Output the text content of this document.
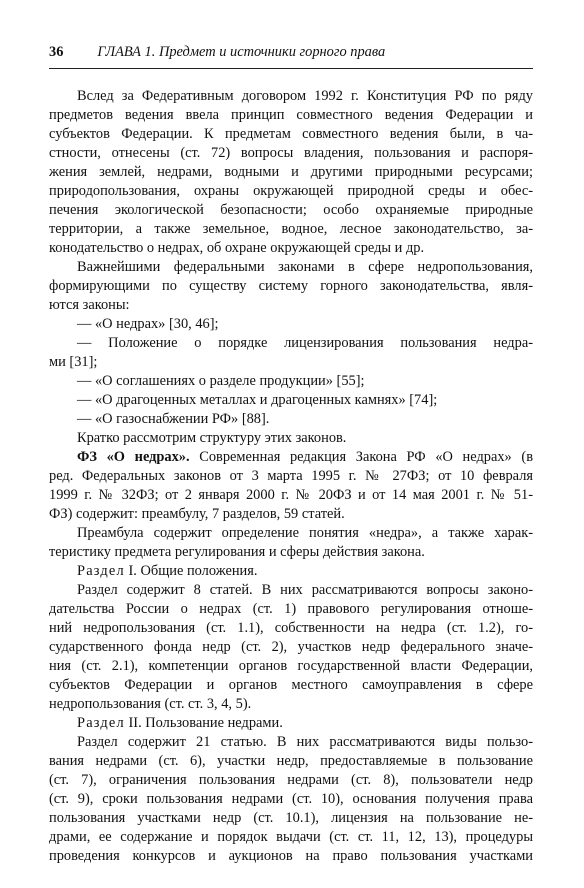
36 ГЛАВА 1. Предмет и источники горного права

Вслед за Федеративным договором 1992 г. Конституция РФ по ряду
предметов ведения ввела принцип совместного ведения Федерации и
субъектов Федерации. К предметам совместного ведения были, в ча-
стности, отнесены (ст. 72) вопросы владения, пользования и распоря-
жения землей, недрами, водными и другими природными ресурсами;
природопользования, охраны окружающей природной среды и обес-
печения экологической безопасности; особо охраняемые природные
территории, а также земельное, водное, лесное законодательство, за-
конодательство о недрах, об охране окружающей среды и др.

Важнейшими федеральными законами в сфере недропользования,
формирующими по существу систему горного законодательства, явля-
ются законы:

— «О недрах» [30, 46];

— Положение о порядке лицензирования пользования недра-
ми [31];

— «О соглашениях о разделе продукции» [55];

— «О драгоценных металлах и драгоценных камнях» [74];

— «О газоснабжении РФ» [88].

Кратко рассмотрим структуру этих законов.

ФЗ «О недрах». Современная редакция Закона РФ «О недрах» (в
ред. Федеральных законов от 3 марта 1995 г. № 27ФЗ; от 10 февраля
1999 г. № 32ФЗ; от 2 января 2000 г. № 20ФЗ и от 14 мая 2001 г. № 51-
ФЗ) содержит: преамбулу, 7 разделов, 59 статей.

Преамбула содержит определение понятия «недра», а также харак-
теристику предмета регулирования и сферы действия закона.

Раздел I. Общие положения.

Раздел содержит 8 статей. В них рассматриваются вопросы законо-
дательства России о недрах (ст. 1) правового регулирования отноше-
ний недропользования (ст. 1.1), собственности на недра (ст. 1.2), го-
сударственного фонда недр (ст. 2), участков недр федерального значе-
ния (ст. 2.1), компетенции органов государственной власти Федерации,
субъектов Федерации и органов местного самоуправления в сфере
недропользования (ст. ст. 3, 4, 5).

Раздел II. Пользование недрами.

Раздел содержит 21 статью. В них рассматриваются виды пользо-
вания недрами (ст. 6), участки недр, предоставляемые в пользование
(ст. 7), ограничения пользования недрами (ст. 8), пользователи недр
(ст. 9), сроки пользования недрами (ст. 10), основания получения права
пользования участками недр (ст. 10.1), лицензия на пользование не-
драми, ее содержание и порядок выдачи (ст. ст. 11, 12, 13), процедуры
проведения конкурсов и аукционов на право пользования участками
